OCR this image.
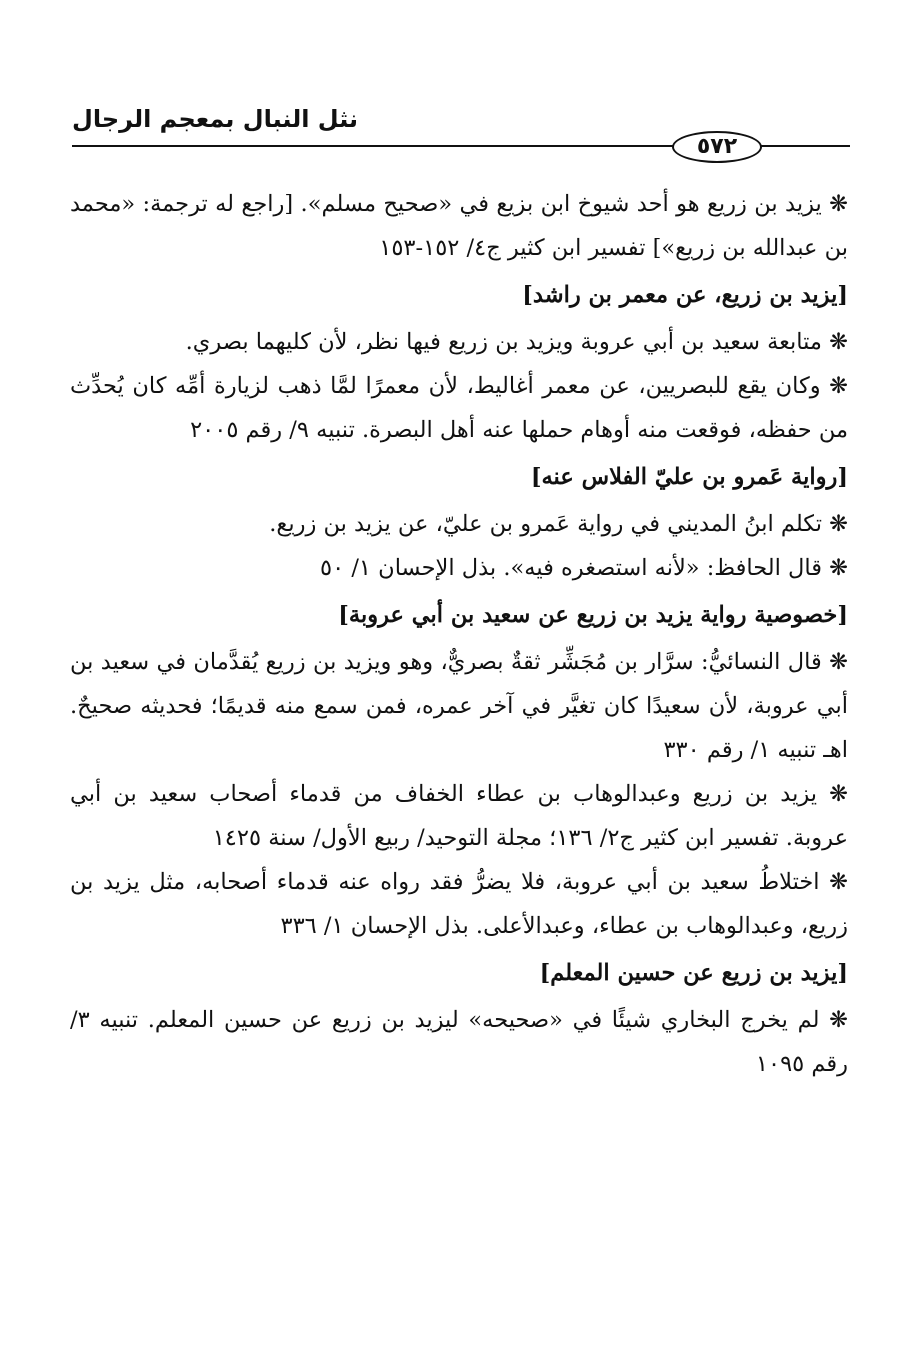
نثل النبال بمعجم الرجال
٥٧٢

❋ يزيد بن زريع هو أحد شيوخ ابن بزيع في «صحيح مسلم». [راجع له ترجمة: «محمد بن عبدالله بن زريع»] تفسير ابن كثير ج٤/ ١٥٢-١٥٣

[يزيد بن زريع، عن معمر بن راشد]

❋ متابعة سعيد بن أبي عروبة ويزيد بن زريع فيها نظر، لأن كليهما بصري.

❋ وكان يقع للبصريين، عن معمر أغاليط، لأن معمرًا لمَّا ذهب لزيارة أمِّه كان يُحدِّث من حفظه، فوقعت منه أوهام حملها عنه أهل البصرة. تنبيه ٩/ رقم ٢٠٠٥

[رواية عَمرو بن عليّ الفلاس عنه]

❋ تكلم ابنُ المديني في رواية عَمرو بن عليّ، عن يزيد بن زريع.

❋ قال الحافظ: «لأنه استصغره فيه». بذل الإحسان ١/ ٥٠

[خصوصية رواية يزيد بن زريع عن سعيد بن أبي عروبة]

❋ قال النسائيُّ: سرَّار بن مُجَشِّر ثقةٌ بصريٌّ، وهو ويزيد بن زريع يُقدَّمان في سعيد بن أبي عروبة، لأن سعيدًا كان تغيَّر في آخر عمره، فمن سمع منه قديمًا؛ فحديثه صحيحٌ. اهـ تنبيه ١/ رقم ٣٣٠

❋ يزيد بن زريع وعبدالوهاب بن عطاء الخفاف من قدماء أصحاب سعيد بن أبي عروبة. تفسير ابن كثير ج٢/ ١٣٦؛ مجلة التوحيد/ ربيع الأول/ سنة ١٤٢٥

❋ اختلاطُ سعيد بن أبي عروبة، فلا يضرُّ فقد رواه عنه قدماء أصحابه، مثل يزيد بن زريع، وعبدالوهاب بن عطاء، وعبدالأعلى. بذل الإحسان ١/ ٣٣٦

[يزيد بن زريع عن حسين المعلم]

❋ لم يخرج البخاري شيئًا في «صحيحه» ليزيد بن زريع عن حسين المعلم. تنبيه ٣/ رقم ١٠٩٥
